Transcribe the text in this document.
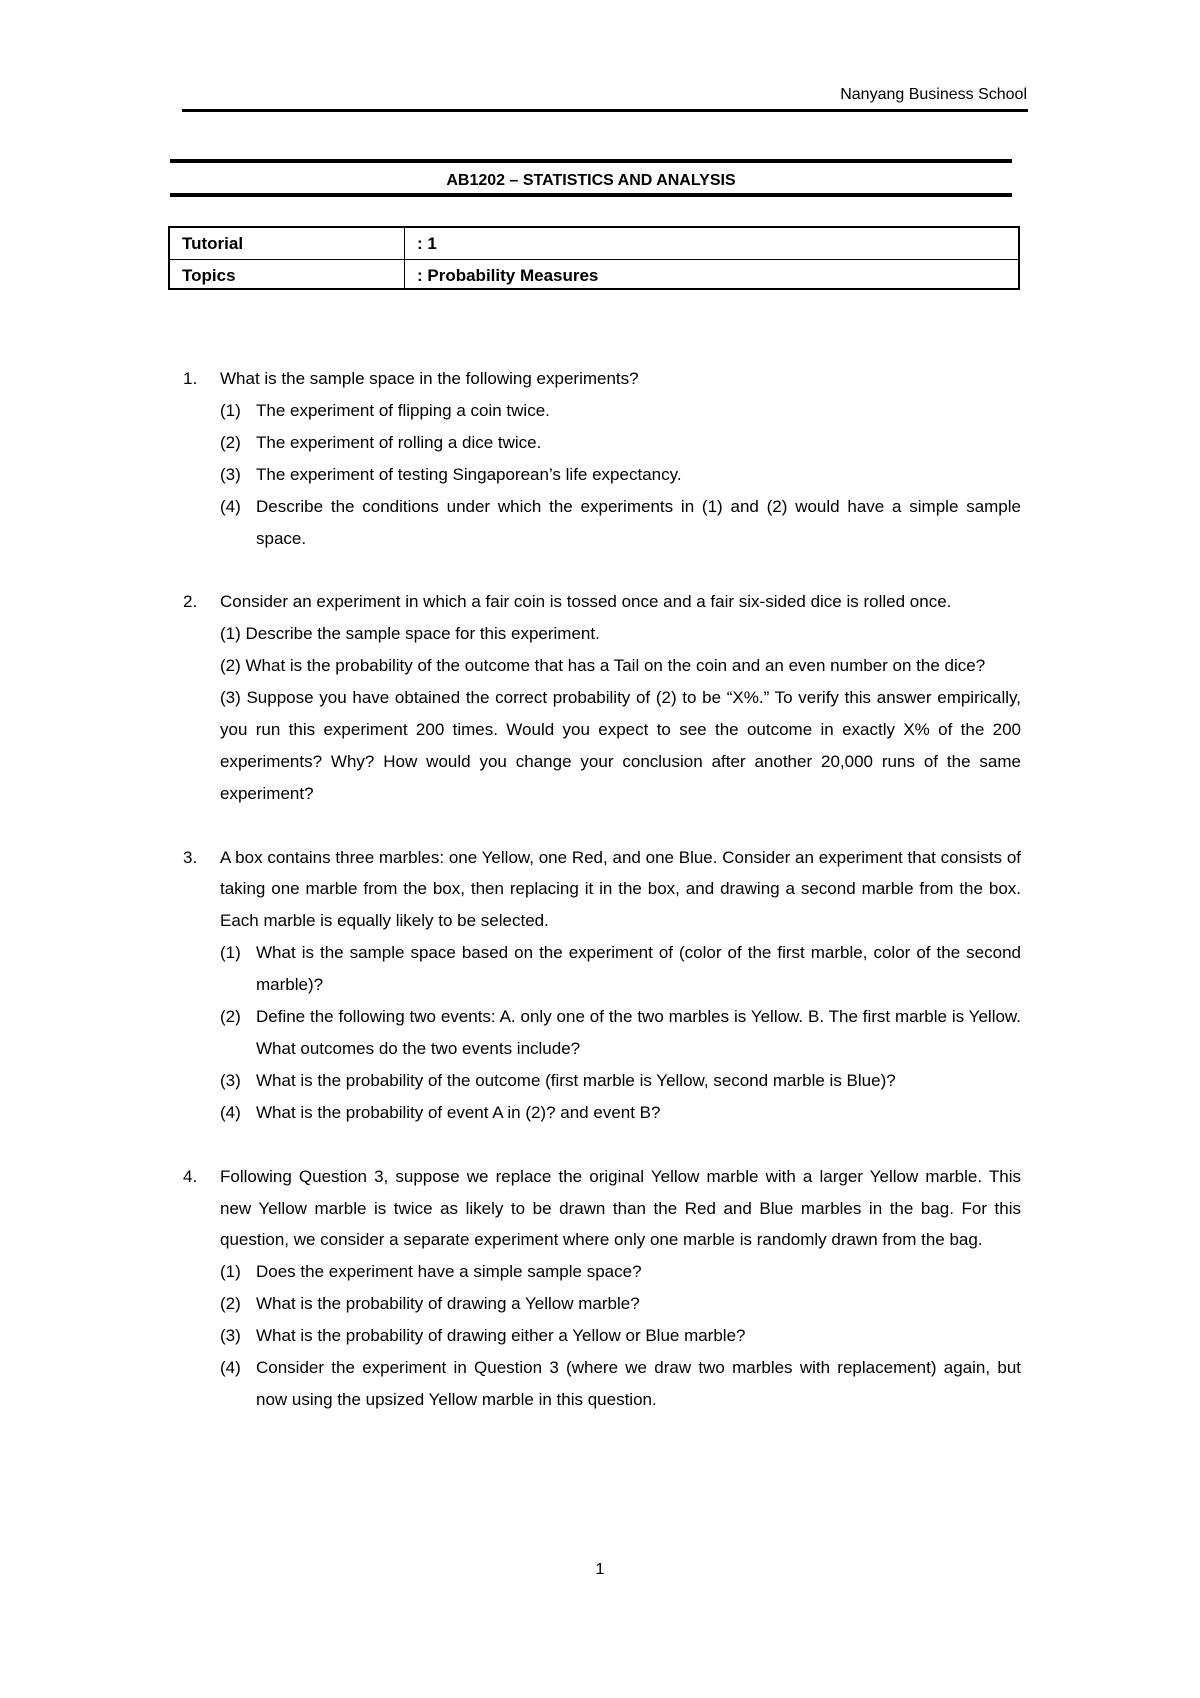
Nanyang Business School
AB1202 – STATISTICS AND ANALYSIS
Tutorial	: 1
Topics	: Probability Measures
1. What is the sample space in the following experiments?

(1) The experiment of flipping a coin twice.
(2) The experiment of rolling a dice twice.
(3) The experiment of testing Singaporean’s life expectancy.
(4) Describe the conditions under which the experiments in (1) and (2) would have a simple sample space.
2. Consider an experiment in which a fair coin is tossed once and a fair six-sided dice is rolled once.

(1) Describe the sample space for this experiment.

(2) What is the probability of the outcome that has a Tail on the coin and an even number on the dice?

(3) Suppose you have obtained the correct probability of (2) to be “X%.” To verify this answer empirically, you run this experiment 200 times. Would you expect to see the outcome in exactly X% of the 200 experiments? Why? How would you change your conclusion after another 20,000 runs of the same experiment?

3. A box contains three marbles: one Yellow, one Red, and one Blue. Consider an experiment that consists of taking one marble from the box, then replacing it in the box, and drawing a second marble from the box. Each marble is equally likely to be selected.

(1) What is the sample space based on the experiment of (color of the first marble, color of the second marble)?
(2) Define the following two events: A. only one of the two marbles is Yellow. B. The first marble is Yellow. What outcomes do the two events include?
(3) What is the probability of the outcome (first marble is Yellow, second marble is Blue)?
(4) What is the probability of event A in (2)? and event B?
4. Following Question 3, suppose we replace the original Yellow marble with a larger Yellow marble. This new Yellow marble is twice as likely to be drawn than the Red and Blue marbles in the bag. For this question, we consider a separate experiment where only one marble is randomly drawn from the bag.

(1) Does the experiment have a simple sample space?
(2) What is the probability of drawing a Yellow marble?
(3) What is the probability of drawing either a Yellow or Blue marble?
(4) Consider the experiment in Question 3 (where we draw two marbles with replacement) again, but now using the upsized Yellow marble in this question.
1
